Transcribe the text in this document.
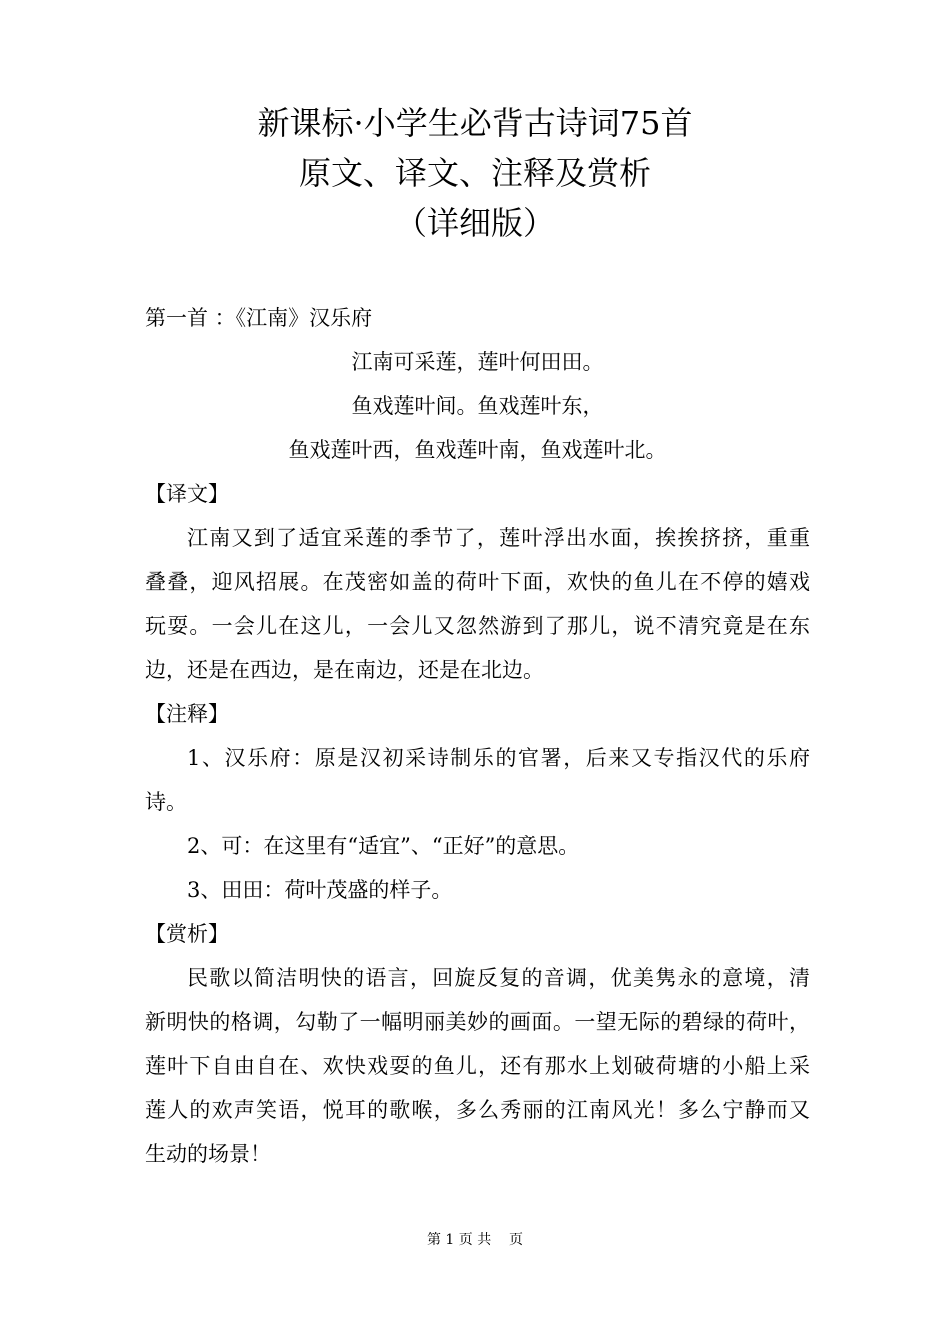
新课标·小学生必背古诗词75首
原文、译文、注释及赏析
（详细版）
第一首 ：《江南》汉乐府
江南可采莲，莲叶何田田。
鱼戏莲叶间。鱼戏莲叶东，
鱼戏莲叶西，鱼戏莲叶南，鱼戏莲叶北。
【译文】
江南又到了适宜采莲的季节了，莲叶浮出水面，挨挨挤挤，重重
叠叠，迎风招展。在茂密如盖的荷叶下面，欢快的鱼儿在不停的嬉戏
玩耍。一会儿在这儿，一会儿又忽然游到了那儿，说不清究竟是在东
边，还是在西边，是在南边，还是在北边。
【注释】
1、汉乐府：原是汉初采诗制乐的官署，后来又专指汉代的乐府
诗。
2、可：在这里有“适宜”、“正好”的意思。
3、田田：荷叶茂盛的样子。
【赏析】
民歌以简洁明快的语言，回旋反复的音调，优美隽永的意境，清
新明快的格调，勾勒了一幅明丽美妙的画面。一望无际的碧绿的荷叶，
莲叶下自由自在、欢快戏耍的鱼儿，还有那水上划破荷塘的小船上采
莲人的欢声笑语，悦耳的歌喉，多么秀丽的江南风光！多么宁静而又
生动的场景！
第 1 页 共    页
